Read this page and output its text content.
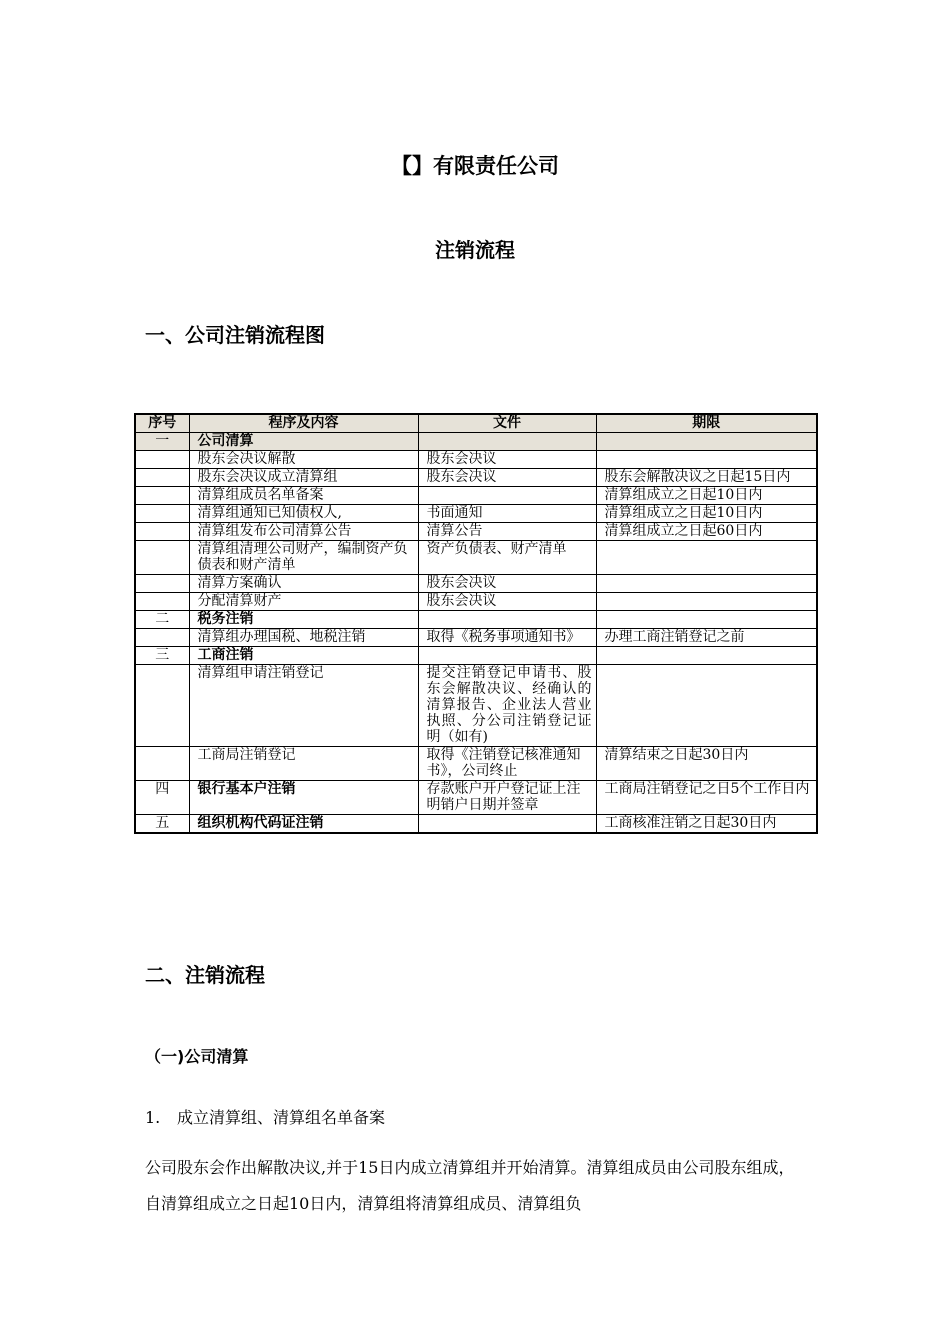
【】有限责任公司
注销流程
一、公司注销流程图
序号	程序及内容	文件	期限
一	公司清算		
	股东会决议解散	股东会决议	
	股东会决议成立清算组	股东会决议	股东会解散决议之日起15日内
	清算组成员名单备案		清算组成立之日起10日内
	清算组通知已知债权人,	书面通知	清算组成立之日起10日内
	清算组发布公司清算公告	清算公告	清算组成立之日起60日内
	清算组清理公司财产，编制资产负债表和财产清单	资产负债表、财产清单	
	清算方案确认	股东会决议	
	分配清算财产	股东会决议	
二	税务注销		
	清算组办理国税、地税注销	取得《税务事项通知书》	办理工商注销登记之前
三	工商注销		
	清算组申请注销登记	提交注销登记申请书、股东会解散决议、经确认的清算报告、企业法人营业执照、分公司注销登记证明（如有)	
	工商局注销登记	取得《注销登记核准通知书》，公司终止	清算结束之日起30日内
四	银行基本户注销	存款账户开户登记证上注明销户日期并签章	工商局注销登记之日5个工作日内
五	组织机构代码证注销		工商核准注销之日起30日内
二、注销流程
（一)公司清算
1. 成立清算组、清算组名单备案
公司股东会作出解散决议,并于15日内成立清算组并开始清算。清算组成员由公司股东组成，自清算组成立之日起10日内，清算组将清算组成员、清算组负
